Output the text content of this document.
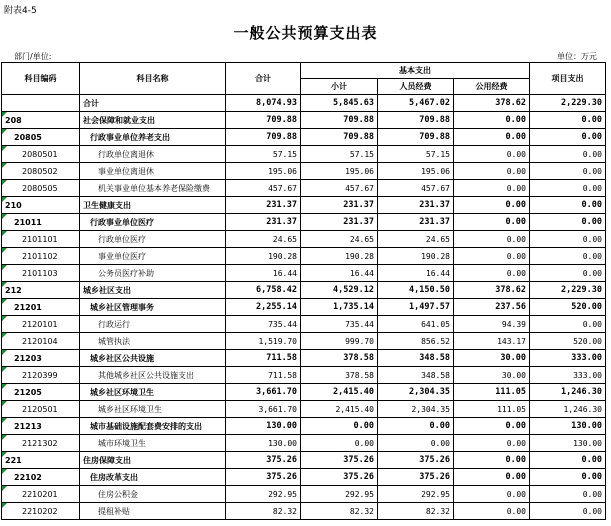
附表4-5
一般公共预算支出表
部门/单位:	单位：万元
科目编码	科目名称	合计	基本支出			项目支出
			小计	人员经费	公用经费	
	合计	8,074.93	5,845.63	5,467.02	378.62	2,229.30
208	社会保障和就业支出	709.88	709.88	709.88	0.00	0.00
20805	行政事业单位养老支出	709.88	709.88	709.88	0.00	0.00
2080501	行政单位离退休	57.15	57.15	57.15	0.00	0.00
2080502	事业单位离退休	195.06	195.06	195.06	0.00	0.00
2080505	机关事业单位基本养老保险缴费	457.67	457.67	457.67	0.00	0.00
210	卫生健康支出	231.37	231.37	231.37	0.00	0.00
21011	行政事业单位医疗	231.37	231.37	231.37	0.00	0.00
2101101	行政单位医疗	24.65	24.65	24.65	0.00	0.00
2101102	事业单位医疗	190.28	190.28	190.28	0.00	0.00
2101103	公务员医疗补助	16.44	16.44	16.44	0.00	0.00
212	城乡社区支出	6,758.42	4,529.12	4,150.50	378.62	2,229.30
21201	城乡社区管理事务	2,255.14	1,735.14	1,497.57	237.56	520.00
2120101	行政运行	735.44	735.44	641.05	94.39	0.00
2120104	城管执法	1,519.70	999.70	856.52	143.17	520.00
21203	城乡社区公共设施	711.58	378.58	348.58	30.00	333.00
2120399	其他城乡社区公共设施支出	711.58	378.58	348.58	30.00	333.00
21205	城乡社区环境卫生	3,661.70	2,415.40	2,304.35	111.05	1,246.30
2120501	城乡社区环境卫生	3,661.70	2,415.40	2,304.35	111.05	1,246.30
21213	城市基础设施配套费安排的支出	130.00	0.00	0.00	0.00	130.00
2121302	城市环境卫生	130.00	0.00	0.00	0.00	130.00
221	住房保障支出	375.26	375.26	375.26	0.00	0.00
22102	住房改革支出	375.26	375.26	375.26	0.00	0.00
2210201	住房公积金	292.95	292.95	292.95	0.00	0.00
2210202	提租补贴	82.32	82.32	82.32	0.00	0.00
